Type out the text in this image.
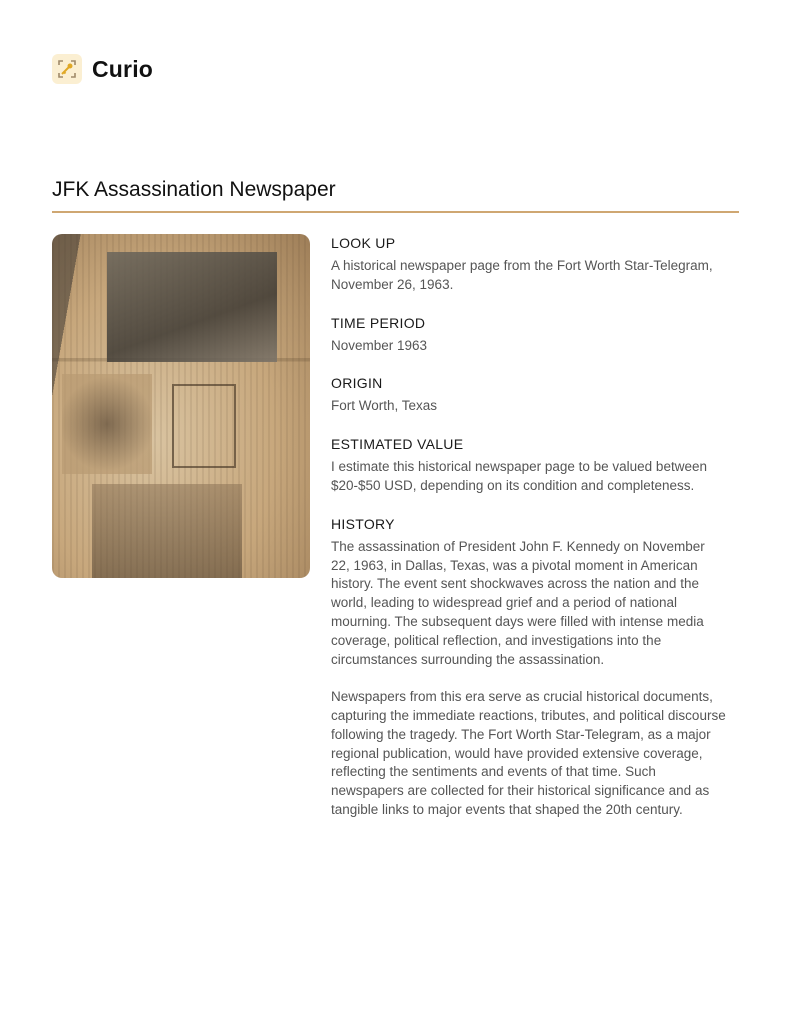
Curio
JFK Assassination Newspaper
LOOK UP
A historical newspaper page from the Fort Worth Star-Telegram, November 26, 1963.
TIME PERIOD
November 1963
ORIGIN
Fort Worth, Texas
ESTIMATED VALUE
I estimate this historical newspaper page to be valued between $20-$50 USD, depending on its condition and completeness.
HISTORY

The assassination of President John F. Kennedy on November 22, 1963, in Dallas, Texas, was a pivotal moment in American history. The event sent shockwaves across the nation and the world, leading to widespread grief and a period of national mourning. The subsequent days were filled with intense media coverage, political reflection, and investigations into the circumstances surrounding the assassination.

Newspapers from this era serve as crucial historical documents, capturing the immediate reactions, tributes, and political discourse following the tragedy. The Fort Worth Star-Telegram, as a major regional publication, would have provided extensive coverage, reflecting the sentiments and events of that time. Such newspapers are collected for their historical significance and as tangible links to major events that shaped the 20th century.
